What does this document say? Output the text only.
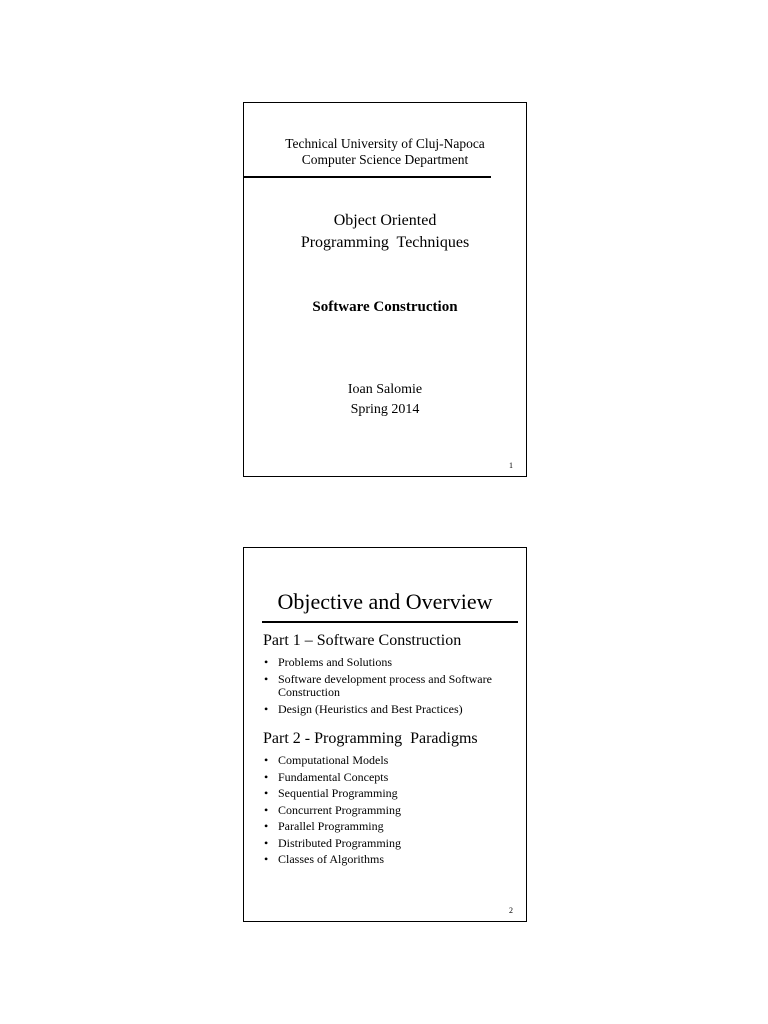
Technical University of Cluj-Napoca
Computer Science Department
Object Oriented
Programming  Techniques
Software Construction
Ioan Salomie
Spring 2014
1
Objective and Overview
Part 1 – Software Construction
• Problems and Solutions
• Software development process and Software Construction
• Design (Heuristics and Best Practices)
Part 2 - Programming  Paradigms
• Computational Models
• Fundamental Concepts
• Sequential Programming
• Concurrent Programming
• Parallel Programming
• Distributed Programming
• Classes of Algorithms
2
